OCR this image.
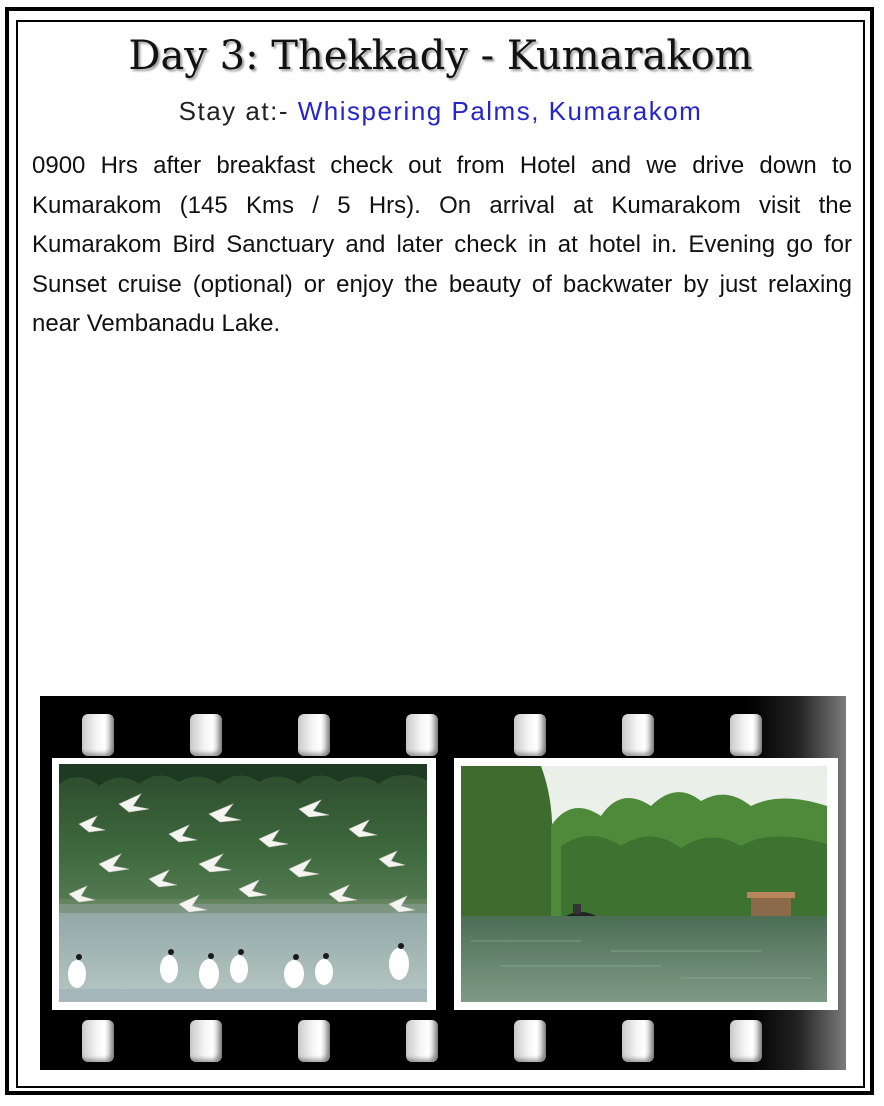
Day 3: Thekkady - Kumarakom
Stay at:- Whispering Palms, Kumarakom

0900 Hrs after breakfast check out from Hotel and we drive down to Kumarakom (145 Kms / 5 Hrs). On arrival at Kumarakom visit the Kumarakom Bird Sanctuary and later check in at hotel in. Evening go for Sunset cruise (optional) or enjoy the beauty of backwater by just relaxing near Vembanadu Lake.
